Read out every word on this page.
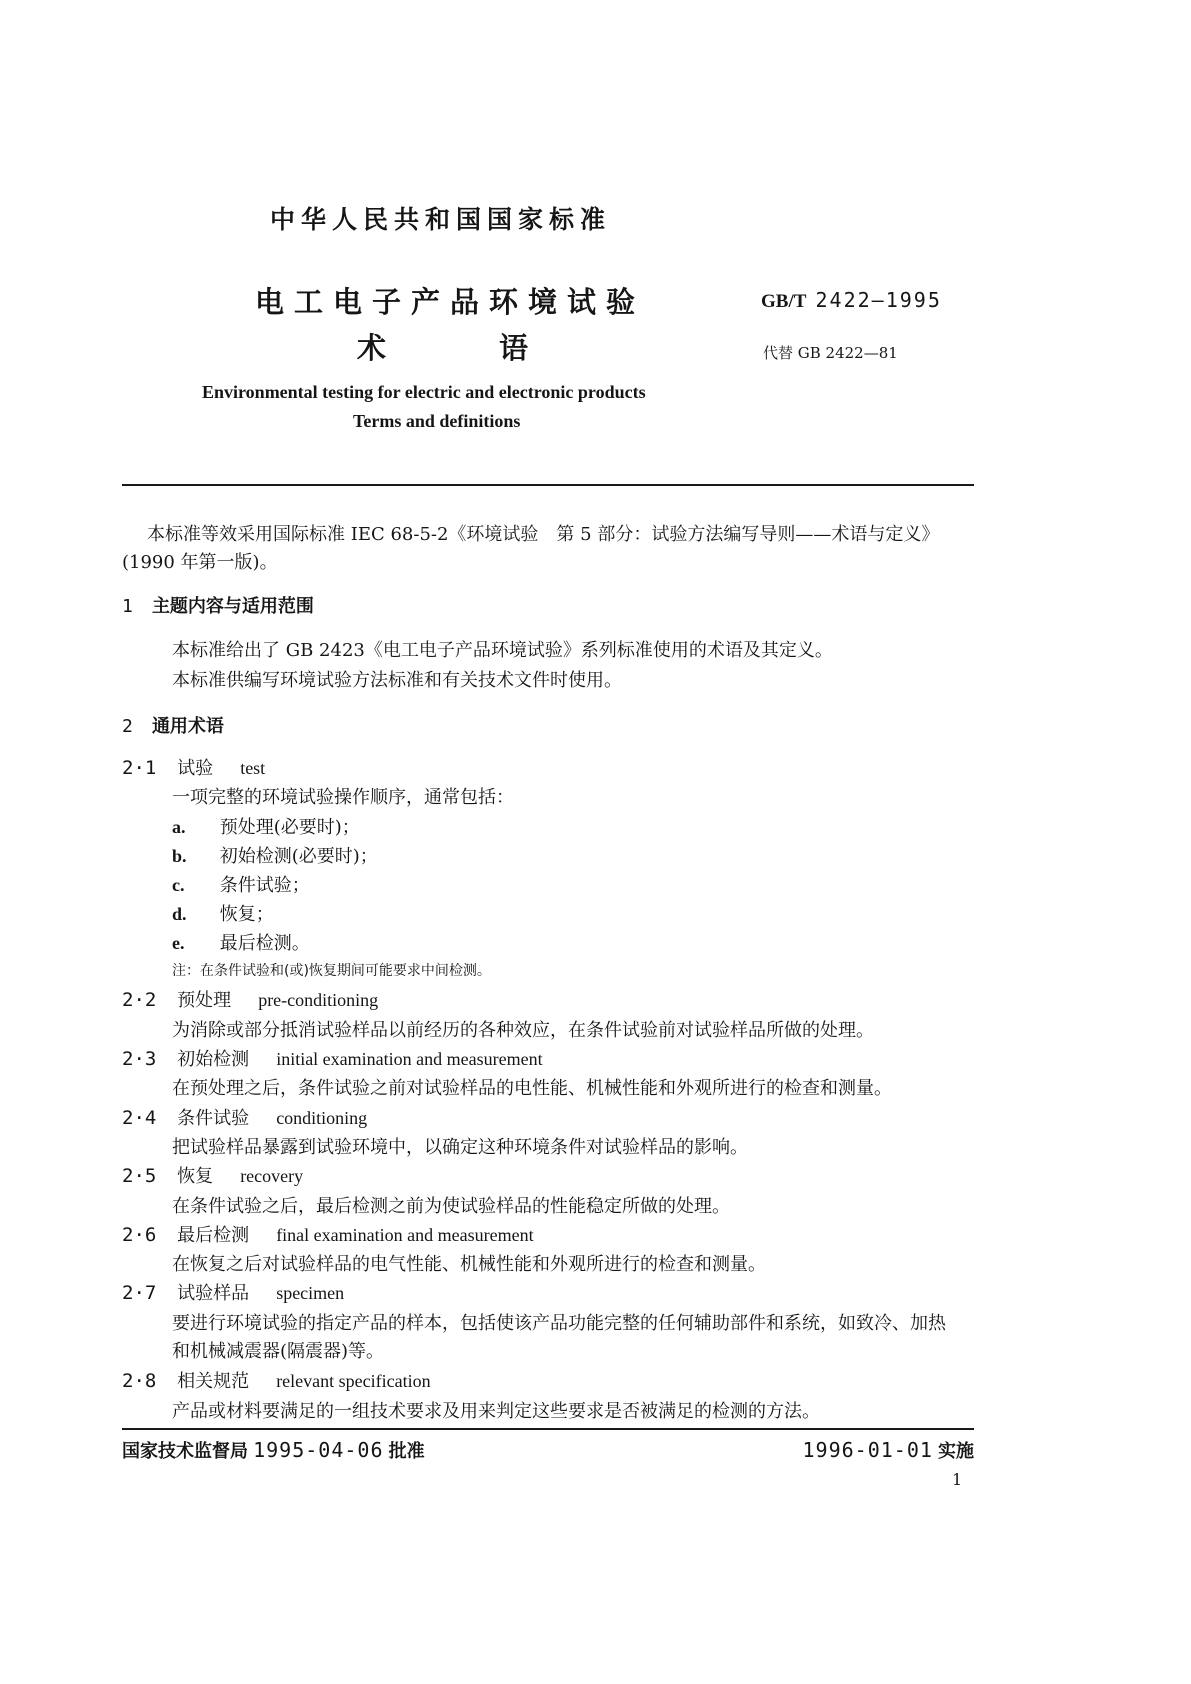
中华人民共和国国家标准
电工电子产品环境试验
术	语
GB/T 2422—1995
代替 GB 2422—81
Environmental testing for electric and electronic products
Terms and definitions
本标准等效采用国际标准 IEC 68-5-2《环境试验　第 5 部分：试验方法编写导则——术语与定义》
(1990 年第一版)。
1 主题内容与适用范围
本标准给出了 GB 2423《电工电子产品环境试验》系列标准使用的术语及其定义。
本标准供编写环境试验方法标准和有关技术文件时使用。
2 通用术语
2·1 试验 test
一项完整的环境试验操作顺序，通常包括：
a. 预处理(必要时)；
b. 初始检测(必要时)；
c. 条件试验；
d. 恢复；
e. 最后检测。
注：在条件试验和(或)恢复期间可能要求中间检测。
2·2 预处理 pre-conditioning
为消除或部分抵消试验样品以前经历的各种效应，在条件试验前对试验样品所做的处理。
2·3 初始检测 initial examination and measurement
在预处理之后，条件试验之前对试验样品的电性能、机械性能和外观所进行的检查和测量。
2·4 条件试验 conditioning
把试验样品暴露到试验环境中，以确定这种环境条件对试验样品的影响。
2·5 恢复 recovery
在条件试验之后，最后检测之前为使试验样品的性能稳定所做的处理。
2·6 最后检测 final examination and measurement
在恢复之后对试验样品的电气性能、机械性能和外观所进行的检查和测量。
2·7 试验样品 specimen
要进行环境试验的指定产品的样本，包括使该产品功能完整的任何辅助部件和系统，如致冷、加热
和机械减震器(隔震器)等。
2·8 相关规范 relevant specification
产品或材料要满足的一组技术要求及用来判定这些要求是否被满足的检测的方法。
国家技术监督局 1995-04-06 批准	1996-01-01 实施
1
